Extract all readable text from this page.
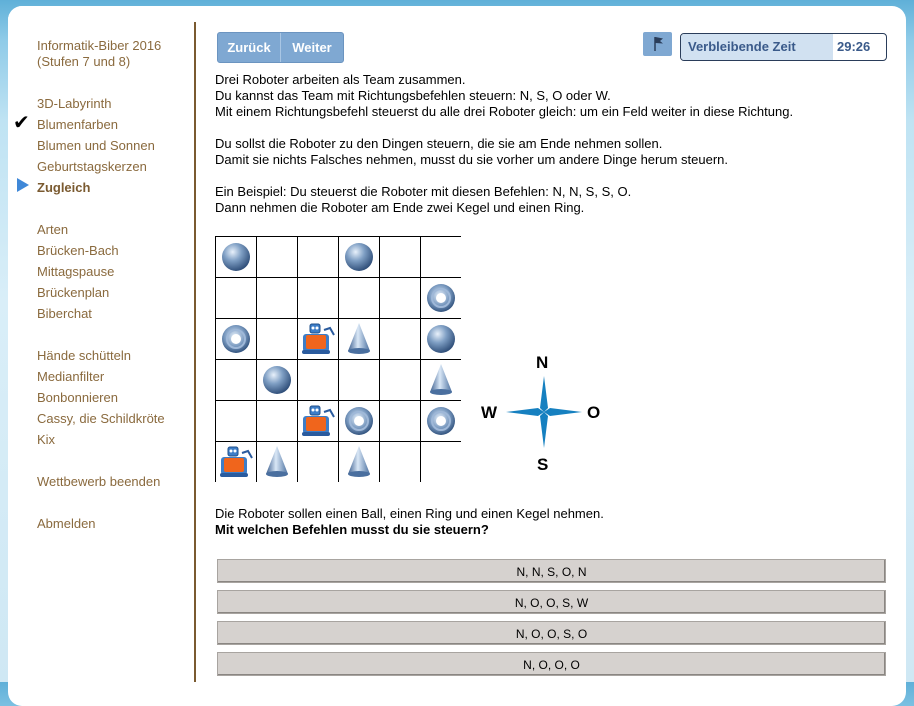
Informatik-Biber 2016
(Stufen 7 und 8)
3D-Labyrinth
✔ Blumenfarben
Blumen und Sonnen
Geburtstagskerzen
Zugleich
Arten
Brücken-Bach
Mittagspause
Brückenplan
Biberchat
Hände schütteln
Medianfilter
Bonbonnieren
Cassy, die Schildkröte
Kix
Wettbewerb beenden
Abmelden
Zurück	Weiter	Verbleibende Zeit	29:26
Drei Roboter arbeiten als Team zusammen.
Du kannst das Team mit Richtungsbefehlen steuern: N, S, O oder W.
Mit einem Richtungsbefehl steuerst du alle drei Roboter gleich: um ein Feld weiter in diese Richtung.
Du sollst die Roboter zu den Dingen steuern, die sie am Ende nehmen sollen.
Damit sie nichts Falsches nehmen, musst du sie vorher um andere Dinge herum steuern.
Ein Beispiel: Du steuerst die Roboter mit diesen Befehlen: N, N, S, S, O.
Dann nehmen die Roboter am Ende zwei Kegel und einen Ring.
N
S
W	O
Die Roboter sollen einen Ball, einen Ring und einen Kegel nehmen.
Mit welchen Befehlen musst du sie steuern?
N, N, S, O, N
N, O, O, S, W
N, O, O, S, O
N, O, O, O
